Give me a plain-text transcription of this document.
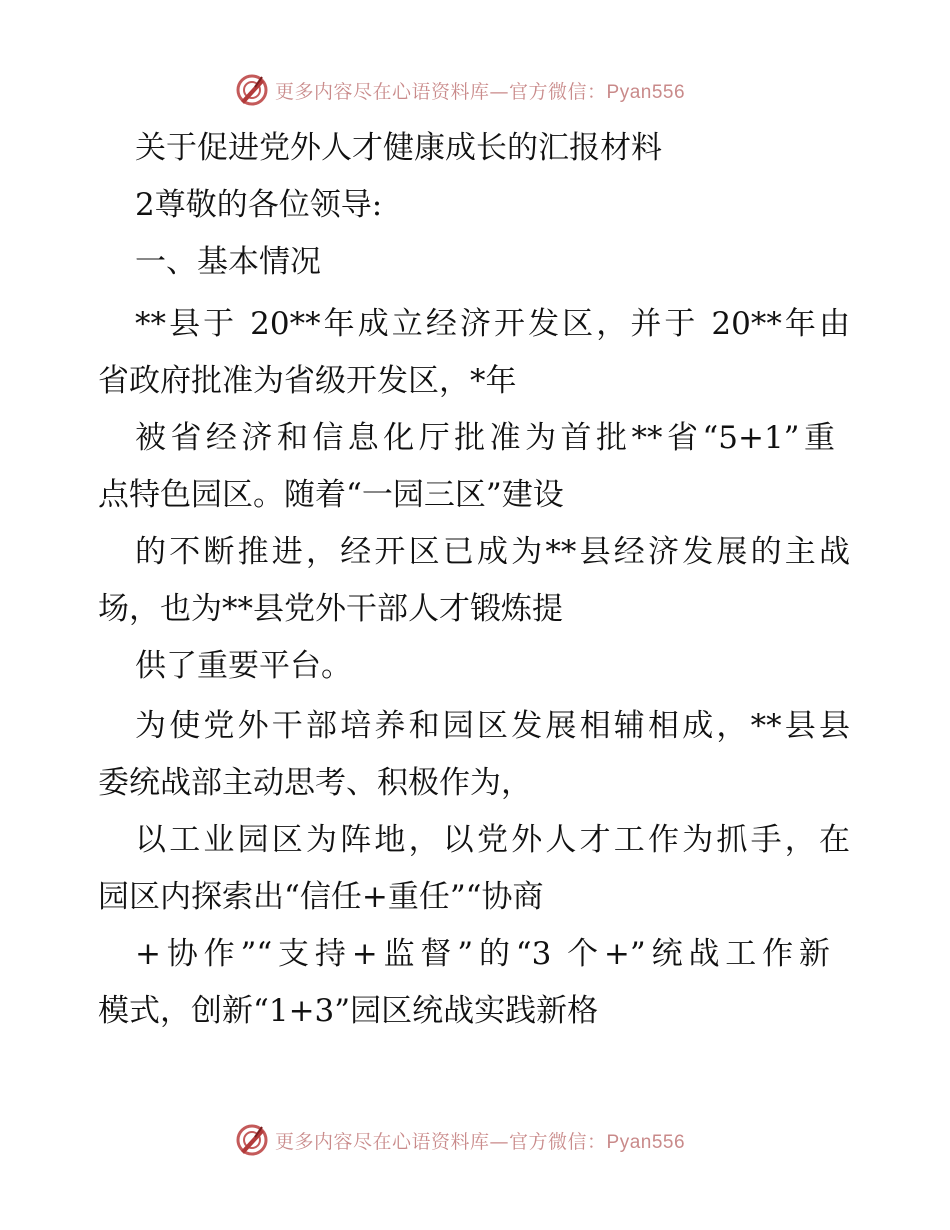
更多内容尽在心语资料库—官方微信：Pyan556
关于促进党外人才健康成长的汇报材料
2尊敬的各位领导:
一、基本情况
**县于 20**年成立经济开发区，并于 20**年由
省政府批准为省级开发区，*年
被省经济和信息化厅批准为首批**省“5+1”重
点特色园区。随着“一园三区”建设
的不断推进，经开区已成为**县经济发展的主战
场，也为**县党外干部人才锻炼提
供了重要平台。
为使党外干部培养和园区发展相辅相成，**县县
委统战部主动思考、积极作为，
以工业园区为阵地，以党外人才工作为抓手，在
园区内探索出“信任+重任”“协商
+协作”“支持+监督”的“3 个+”统战工作新
模式，创新“1+3”园区统战实践新格
更多内容尽在心语资料库—官方微信：Pyan556
